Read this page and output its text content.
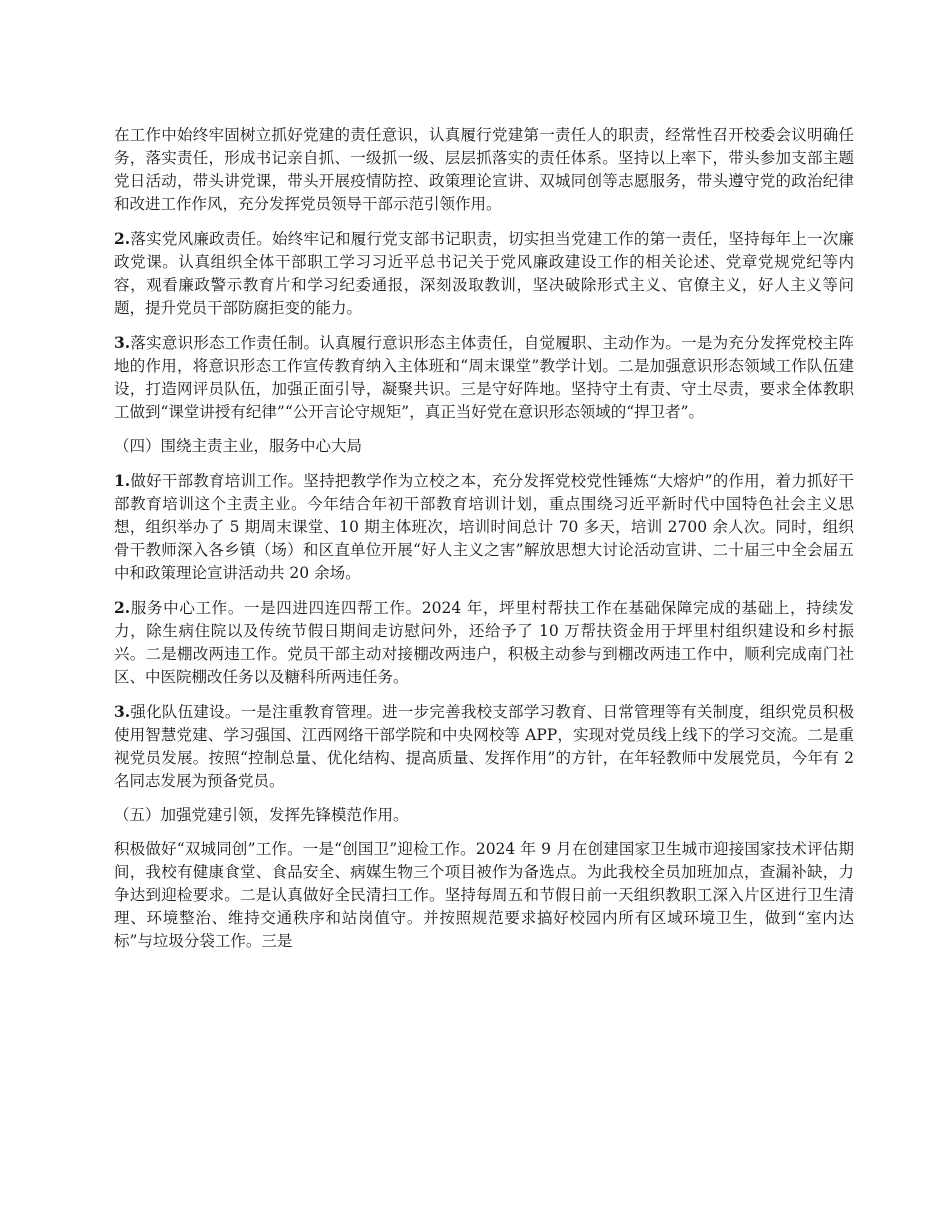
在工作中始终牢固树立抓好党建的责任意识，认真履行党建第一责任人的职责，经常性召开校委会议明确任务，落实责任，形成书记亲自抓、一级抓一级、层层抓落实的责任体系。坚持以上率下，带头参加支部主题党日活动，带头讲党课，带头开展疫情防控、政策理论宣讲、双城同创等志愿服务，带头遵守党的政治纪律和改进工作作风，充分发挥党员领导干部示范引领作用。

2.落实党风廉政责任。始终牢记和履行党支部书记职责，切实担当党建工作的第一责任，坚持每年上一次廉政党课。认真组织全体干部职工学习习近平总书记关于党风廉政建设工作的相关论述、党章党规党纪等内容，观看廉政警示教育片和学习纪委通报，深刻汲取教训，坚决破除形式主义、官僚主义，好人主义等问题，提升党员干部防腐拒变的能力。

3.落实意识形态工作责任制。认真履行意识形态主体责任，自觉履职、主动作为。一是为充分发挥党校主阵地的作用，将意识形态工作宣传教育纳入主体班和“周末课堂”教学计划。二是加强意识形态领域工作队伍建设，打造网评员队伍，加强正面引导，凝聚共识。三是守好阵地。坚持守土有责、守土尽责，要求全体教职工做到“课堂讲授有纪律”“公开言论守规矩”，真正当好党在意识形态领域的“捍卫者”。

（四）围绕主责主业，服务中心大局

1.做好干部教育培训工作。坚持把教学作为立校之本，充分发挥党校党性锤炼“大熔炉”的作用，着力抓好干部教育培训这个主责主业。今年结合年初干部教育培训计划，重点围绕习近平新时代中国特色社会主义思想，组织举办了 5 期周末课堂、10 期主体班次，培训时间总计 70 多天，培训 2700 余人次。同时，组织骨干教师深入各乡镇（场）和区直单位开展“好人主义之害”解放思想大讨论活动宣讲、二十届三中全会届五中和政策理论宣讲活动共 20 余场。

2.服务中心工作。一是四进四连四帮工作。2024 年，坪里村帮扶工作在基础保障完成的基础上，持续发力，除生病住院以及传统节假日期间走访慰问外，还给予了 10 万帮扶资金用于坪里村组织建设和乡村振兴。二是棚改两违工作。党员干部主动对接棚改两违户，积极主动参与到棚改两违工作中，顺利完成南门社区、中医院棚改任务以及糖科所两违任务。

3.强化队伍建设。一是注重教育管理。进一步完善我校支部学习教育、日常管理等有关制度，组织党员积极使用智慧党建、学习强国、江西网络干部学院和中央网校等 APP，实现对党员线上线下的学习交流。二是重视党员发展。按照“控制总量、优化结构、提高质量、发挥作用”的方针，在年轻教师中发展党员，今年有 2 名同志发展为预备党员。

（五）加强党建引领，发挥先锋模范作用。

积极做好“双城同创”工作。一是“创国卫”迎检工作。2024 年 9 月在创建国家卫生城市迎接国家技术评估期间，我校有健康食堂、食品安全、病媒生物三个项目被作为备选点。为此我校全员加班加点，查漏补缺，力争达到迎检要求。二是认真做好全民清扫工作。坚持每周五和节假日前一天组织教职工深入片区进行卫生清理、环境整治、维持交通秩序和站岗值守。并按照规范要求搞好校园内所有区域环境卫生，做到“室内达标”与垃圾分袋工作。三是
